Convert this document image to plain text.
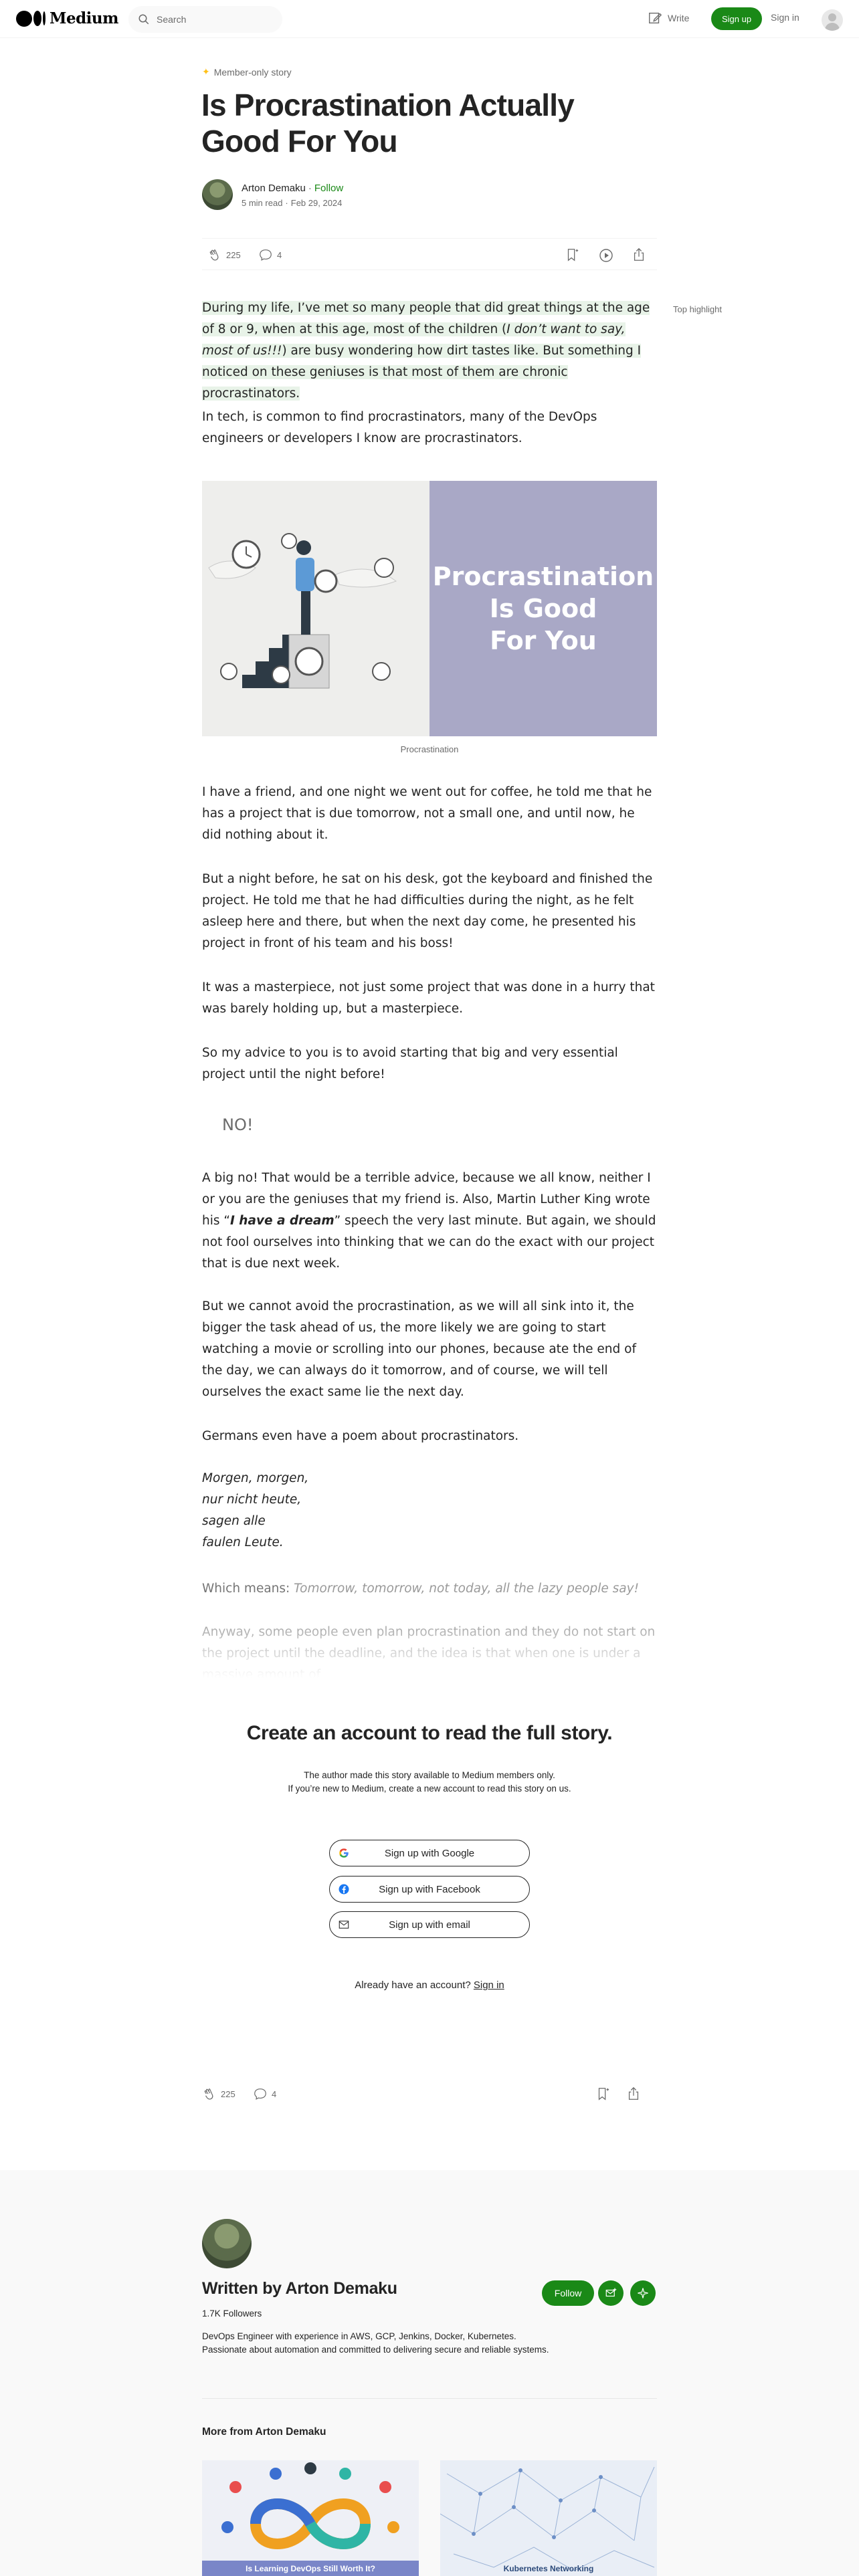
Medium
Search	Write	Sign up	Sign in
✦ Member-only story
Is Procrastination Actually Good For You
Arton Demaku · Follow
5 min read · Feb 29, 2024
225	4

During my life, I’ve met so many people that did great things at the age of 8 or 9, when at this age, most of the children (I don’t want to say, most of us!!!) are busy wondering how dirt tastes like. But something I noticed on these geniuses is that most of them are chronic procrastinators.

Top highlight

In tech, is common to find procrastinators, many of the DevOps engineers or developers I know are procrastinators.

Procrastination
Is Good
For You
Procrastination

I have a friend, and one night we went out for coffee, he told me that he has a project that is due tomorrow, not a small one, and until now, he did nothing about it.

But a night before, he sat on his desk, got the keyboard and finished the project. He told me that he had difficulties during the night, as he felt asleep here and there, but when the next day come, he presented his project in front of his team and his boss!

It was a masterpiece, not just some project that was done in a hurry that was barely holding up, but a masterpiece.

So my advice to you is to avoid starting that big and very essential project until the night before!

NO!

A big no! That would be a terrible advice, because we all know, neither I or you are the geniuses that my friend is. Also, Martin Luther King wrote his “I have a dream” speech the very last minute. But again, we should not fool ourselves into thinking that we can do the exact with our project that is due next week.

But we cannot avoid the procrastination, as we will all sink into it, the bigger the task ahead of us, the more likely we are going to start watching a movie or scrolling into our phones, because ate the end of the day, we can always do it tomorrow, and of course, we will tell ourselves the exact same lie the next day.

Germans even have a poem about procrastinators.

Morgen, morgen,
nur nicht heute,
sagen alle
faulen Leute.

Which means: Tomorrow, tomorrow, not today, all the lazy people say!

Create an account to read the full story.
The author made this story available to Medium members only.
If you’re new to Medium, create a new account to read this story on us.
Sign up with Google
Sign up with Facebook
Sign up with email
Already have an account? Sign in
225	4
Written by Arton Demaku
1.7K Followers

DevOps Engineer with experience in AWS, GCP, Jenkins, Docker, Kubernetes. Passionate about automation and committed to delivering secure and reliable systems.

Follow
More from Arton Demaku
Is Learning DevOps Still Worth It?	Kubernetes Networking
